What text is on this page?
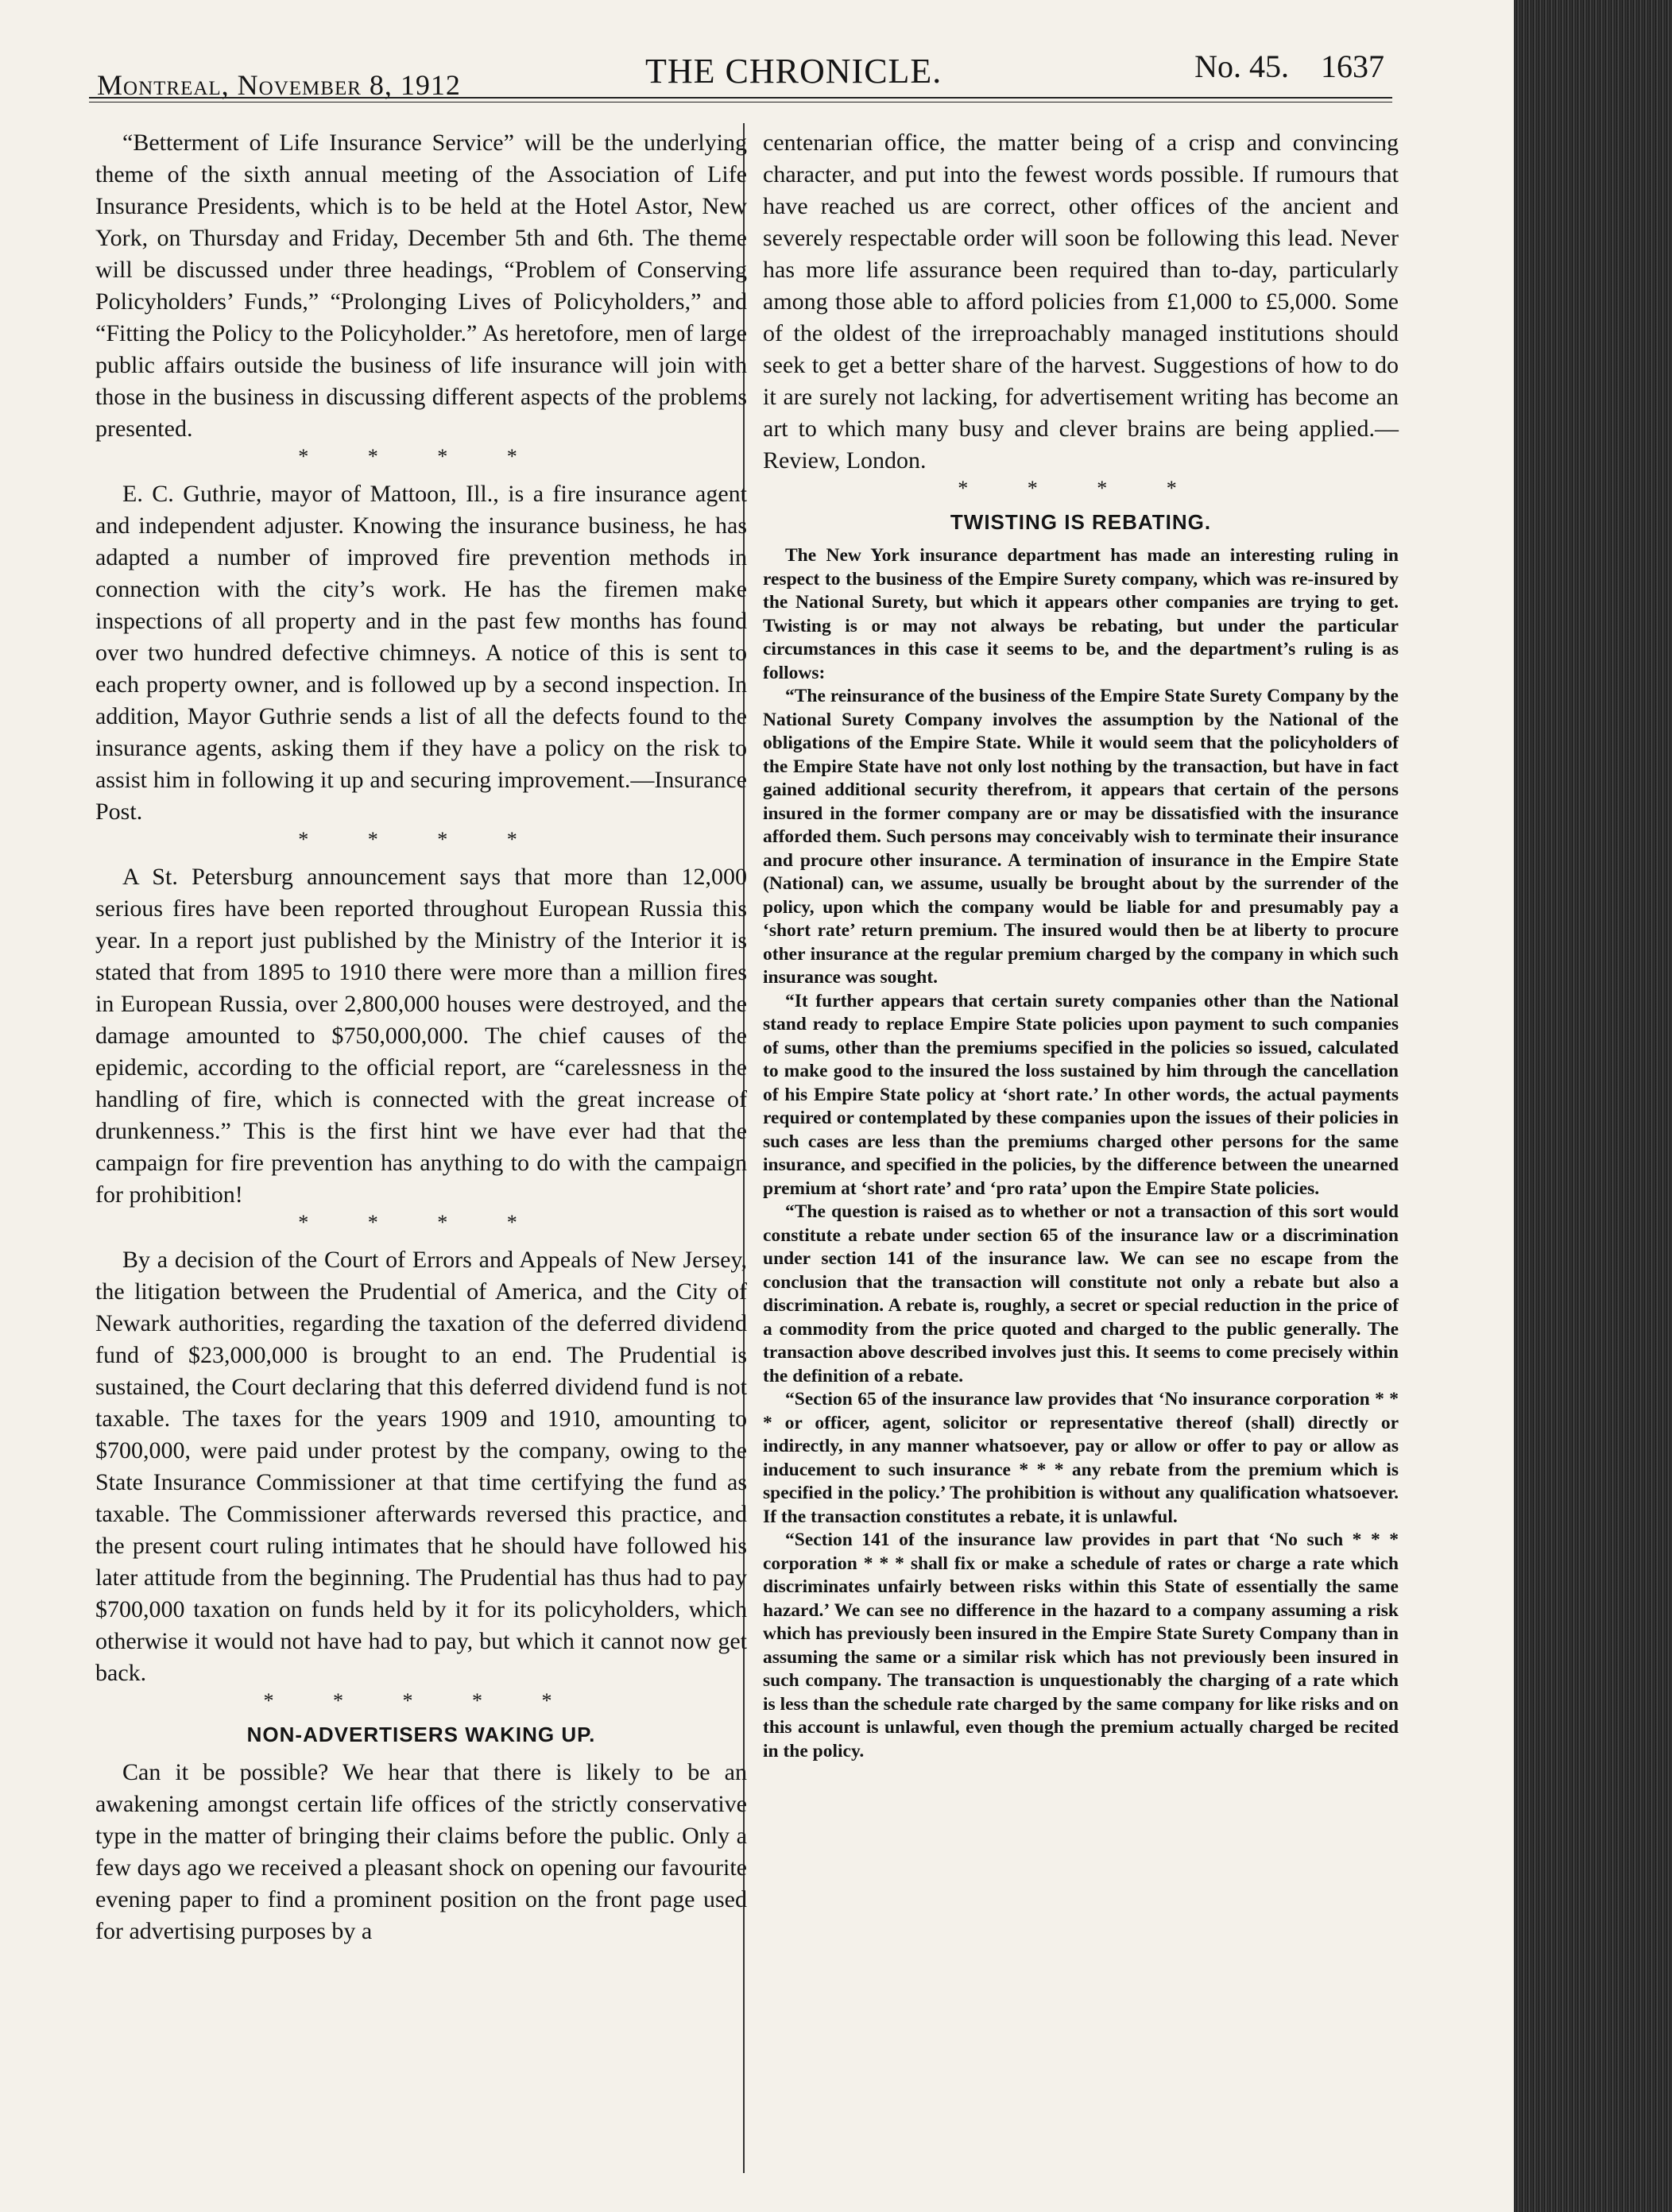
Montreal, November 8, 1912	THE CHRONICLE.	No. 45. 1637

“Betterment of Life Insurance Service” will be the underlying theme of the sixth annual meeting of the Association of Life Insurance Presidents, which is to be held at the Hotel Astor, New York, on Thursday and Friday, December 5th and 6th. The theme will be discussed under three headings, “Problem of Conserving Policyholders’ Funds,” “Prolonging Lives of Policyholders,” and “Fitting the Policy to the Policyholder.” As heretofore, men of large public affairs outside the business of life insurance will join with those in the business in discussing different aspects of the problems presented.

* * * *

E. C. Guthrie, mayor of Mattoon, Ill., is a fire insurance agent and independent adjuster. Knowing the insurance business, he has adapted a number of improved fire prevention methods in connection with the city’s work. He has the firemen make inspections of all property and in the past few months has found over two hundred defective chimneys. A notice of this is sent to each property owner, and is followed up by a second inspection. In addition, Mayor Guthrie sends a list of all the defects found to the insurance agents, asking them if they have a policy on the risk to assist him in following it up and securing improvement.—Insurance Post.

* * * *

A St. Petersburg announcement says that more than 12,000 serious fires have been reported throughout European Russia this year. In a report just published by the Ministry of the Interior it is stated that from 1895 to 1910 there were more than a million fires in European Russia, over 2,800,000 houses were destroyed, and the damage amounted to $750,000,000. The chief causes of the epidemic, according to the official report, are “carelessness in the handling of fire, which is connected with the great increase of drunkenness.” This is the first hint we have ever had that the campaign for fire prevention has anything to do with the campaign for prohibition!

* * * *

By a decision of the Court of Errors and Appeals of New Jersey, the litigation between the Prudential of America, and the City of Newark authorities, regarding the taxation of the deferred dividend fund of $23,000,000 is brought to an end. The Prudential is sustained, the Court declaring that this deferred dividend fund is not taxable. The taxes for the years 1909 and 1910, amounting to $700,000, were paid under protest by the company, owing to the State Insurance Commissioner at that time certifying the fund as taxable. The Commissioner afterwards reversed this practice, and the present court ruling intimates that he should have followed his later attitude from the beginning. The Prudential has thus had to pay $700,000 taxation on funds held by it for its policyholders, which otherwise it would not have had to pay, but which it cannot now get back.

* * * * *
NON-ADVERTISERS WAKING UP.

Can it be possible? We hear that there is likely to be an awakening amongst certain life offices of the strictly conservative type in the matter of bringing their claims before the public. Only a few days ago we received a pleasant shock on opening our favourite evening paper to find a prominent position on the front page used for advertising purposes by a

centenarian office, the matter being of a crisp and convincing character, and put into the fewest words possible. If rumours that have reached us are correct, other offices of the ancient and severely respectable order will soon be following this lead. Never has more life assurance been required than to-day, particularly among those able to afford policies from £1,000 to £5,000. Some of the oldest of the irreproachably managed institutions should seek to get a better share of the harvest. Suggestions of how to do it are surely not lacking, for advertisement writing has become an art to which many busy and clever brains are being applied.—Review, London.

* * * *
TWISTING IS REBATING.

The New York insurance department has made an interesting ruling in respect to the business of the Empire Surety company, which was re-insured by the National Surety, but which it appears other companies are trying to get. Twisting is or may not always be rebating, but under the particular circumstances in this case it seems to be, and the department’s ruling is as follows:

“The reinsurance of the business of the Empire State Surety Company by the National Surety Company involves the assumption by the National of the obligations of the Empire State. While it would seem that the policyholders of the Empire State have not only lost nothing by the transaction, but have in fact gained additional security therefrom, it appears that certain of the persons insured in the former company are or may be dissatisfied with the insurance afforded them. Such persons may conceivably wish to terminate their insurance and procure other insurance. A termination of insurance in the Empire State (National) can, we assume, usually be brought about by the surrender of the policy, upon which the company would be liable for and presumably pay a ‘short rate’ return premium. The insured would then be at liberty to procure other insurance at the regular premium charged by the company in which such insurance was sought.

“It further appears that certain surety companies other than the National stand ready to replace Empire State policies upon payment to such companies of sums, other than the premiums specified in the policies so issued, calculated to make good to the insured the loss sustained by him through the cancellation of his Empire State policy at ‘short rate.’ In other words, the actual payments required or contemplated by these companies upon the issues of their policies in such cases are less than the premiums charged other persons for the same insurance, and specified in the policies, by the difference between the unearned premium at ‘short rate’ and ‘pro rata’ upon the Empire State policies.

“The question is raised as to whether or not a transaction of this sort would constitute a rebate under section 65 of the insurance law or a discrimination under section 141 of the insurance law. We can see no escape from the conclusion that the transaction will constitute not only a rebate but also a discrimination. A rebate is, roughly, a secret or special reduction in the price of a commodity from the price quoted and charged to the public generally. The transaction above described involves just this. It seems to come precisely within the definition of a rebate.

“Section 65 of the insurance law provides that ‘No insurance corporation * * * or officer, agent, solicitor or representative thereof (shall) directly or indirectly, in any manner whatsoever, pay or allow or offer to pay or allow as inducement to such insurance * * * any rebate from the premium which is specified in the policy.’ The prohibition is without any qualification whatsoever. If the transaction constitutes a rebate, it is unlawful.

“Section 141 of the insurance law provides in part that ‘No such * * * corporation * * * shall fix or make a schedule of rates or charge a rate which discriminates unfairly between risks within this State of essentially the same hazard.’ We can see no difference in the hazard to a company assuming a risk which has previously been insured in the Empire State Surety Company than in assuming the same or a similar risk which has not previously been insured in such company. The transaction is unquestionably the charging of a rate which is less than the schedule rate charged by the same company for like risks and on this account is unlawful, even though the premium actually charged be recited in the policy.
